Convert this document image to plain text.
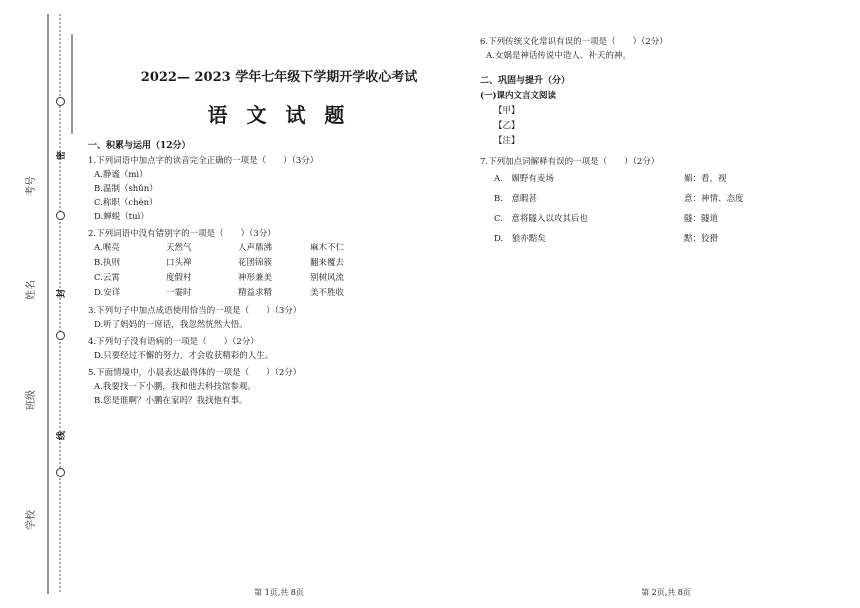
考号
姓名
班级
学校
密
封
线
2022— 2023 学年七年级下学期开学收心考试
语 文 试 题
一、积累与运用（12分）
1.下列词语中加点字的读音完全正确的一项是（　　）（3分）
A.静谧（mì）
B.温制（shǔn）
C.称职（chèn）
D.蝉蜕（tuì）
2.下列词语中没有错别字的一项是（　　）（3分）
A.喉亮	天然气	人声鼎沸	麻木不仁
B.执则	口头禅	花团锦簇	翻来覆去
C.云霄	度假村	神形兼美	别树风流
D.安详	一霎时	精益求精	美不胜收
3.下列句子中加点成语使用恰当的一项是（　　）（3分）
D.听了妈妈的一席话，我忽然恍然大悟。
4.下列句子没有语病的一项是（　　）（2分）
D.只要经过不懈的努力，才会收获精彩的人生。
5.下面情境中，小晨表达最得体的一项是（　　）（2分）
A.我要找一下小鹏，我和他去科技馆参观。
B.您是谁啊？小鹏在家吗？我找他有事。
第 1页,共 8页
6.下列传统文化常识有误的一项是（　　）（2分）
A.女娲是神话传说中造人、补天的神。
二、巩固与提升（分）
(一)课内文言文阅读
【甲】
【乙】
【注】
7.下列加点词解释有误的一项是（　　）（2分）
A.　媚野有麦场	媚：看，视
B.　意暇甚	意：神情、态度
C.　意将隧入以攻其后也	隧：隧道
D.　狼亦黠矣	黠：狡猾
第 2页,共 8页
